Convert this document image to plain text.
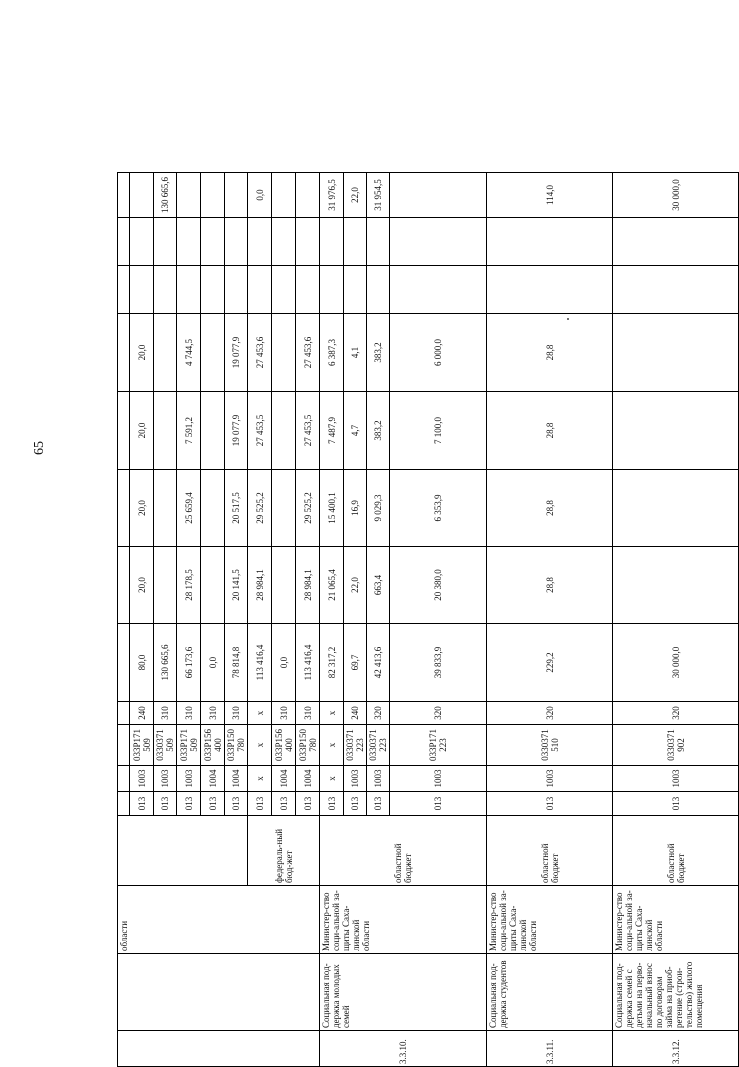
65
		области													
				013	1003	033P171 509	240	80,0	20,0	20,0	20,0	20,0			
				013	1003	0330371 509	310	130 665,6							130 665,6
				013	1003	033P171 509	310	66 173,6	28 178,5	25 659,4	7 591,2	4 744,5			
				013	1004	033P156 400	310	0,0							
				013	1004	033P150 780	310	78 814,8	20 141,5	20 517,5	19 077,9	19 077,9			
			федераль-ный бюд-жет	013	x	x	x	113 416,4	28 984,1	29 525,2	27 453,5	27 453,6			0,0
				013	1004	033P156 400	310	0,0							
				013	1004	033P150 780	310	113 416,4	28 984,1	29 525,2	27 453,5	27 453,6			
3.3.10.	Социальная под-держка молодых семей	Министер-ство соци-альной за-щиты Саха-линской области	областной бюджет	013	x	x	x	82 317,2	21 065,4	15 400,1	7 487,9	6 387,3			31 976,5
				013	1003	0330371 223	240	69,7	22,0	16,9	4,7	4,1			22,0
				013	1003	0330371 223	320	42 413,6	663,4	9 029,3	383,2	383,2			31 954,5
				013	1003	033P171 223	320	39 833,9	20 380,0	6 353,9	7 100,0	6 000,0			
3.3.11.	Социальная под-держка студентов	Министер-ство соци-альной за-щиты Саха-линской области	областной бюджет	013	1003	0330371 510	320	229,2	28,8	28,8	28,8	28,8			114,0
3.3.12.	Социальная под-держка семей с детьми на перво-начальный взнос по договорам займа на приоб-ретение (строи-тельство) жилого помещения	Министер-ство соци-альной за-щиты Саха-линской области	областной бюджет	013	1003	0330371 902	320	30 000,0							30 000,0
